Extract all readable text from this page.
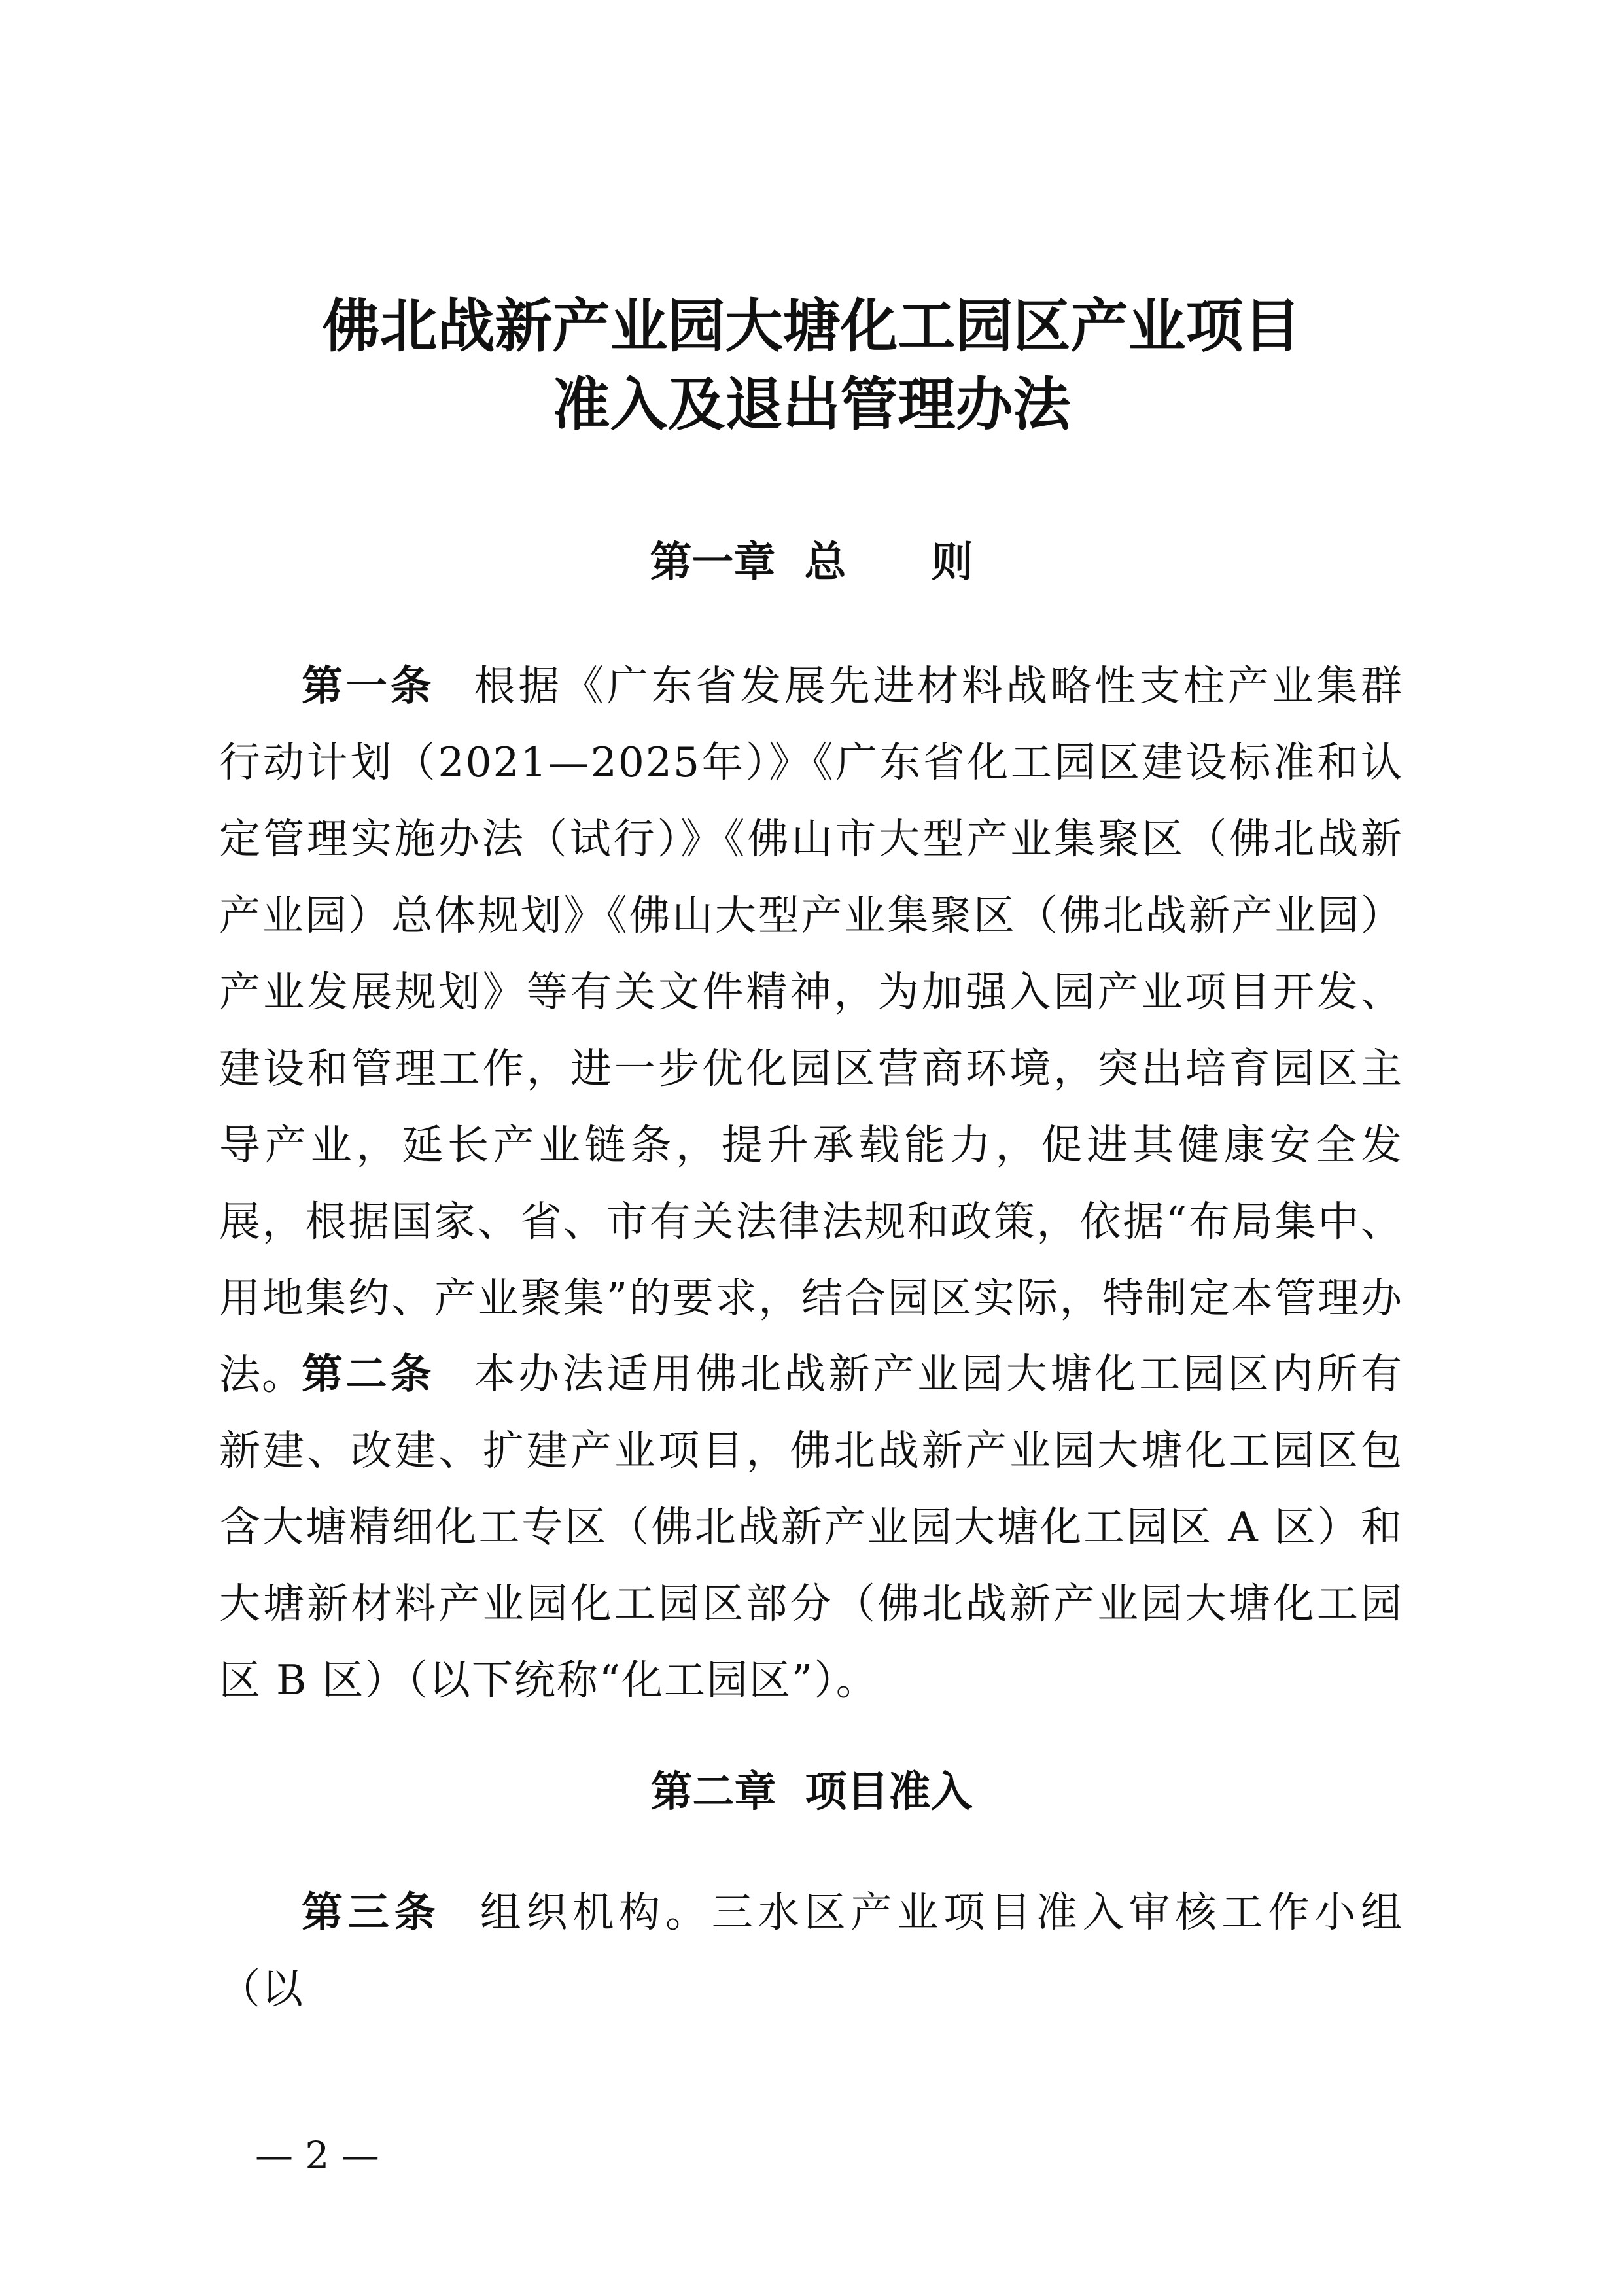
佛北战新产业园大塘化工园区产业项目
准入及退出管理办法
第一章 总 则

第一条 根据《广东省发展先进材料战略性支柱产业集群行动计划（2021—2025年）》《广东省化工园区建设标准和认定管理实施办法（试行）》《佛山市大型产业集聚区（佛北战新产业园）总体规划》《佛山大型产业集聚区（佛北战新产业园）产业发展规划》等有关文件精神，为加强入园产业项目开发、建设和管理工作，进一步优化园区营商环境，突出培育园区主导产业，延长产业链条，提升承载能力，促进其健康安全发展，根据国家、省、市有关法律法规和政策，依据“布局集中、用地集约、产业聚集”的要求，结合园区实际，特制定本管理办法。

第二条 本办法适用佛北战新产业园大塘化工园区内所有新建、改建、扩建产业项目，佛北战新产业园大塘化工园区包含大塘精细化工专区（佛北战新产业园大塘化工园区 A 区）和大塘新材料产业园化工园区部分（佛北战新产业园大塘化工园区 B 区）（以下统称“化工园区”）。

第二章 项目准入

第三条 组织机构。三水区产业项目准入审核工作小组（以

— 2 —
